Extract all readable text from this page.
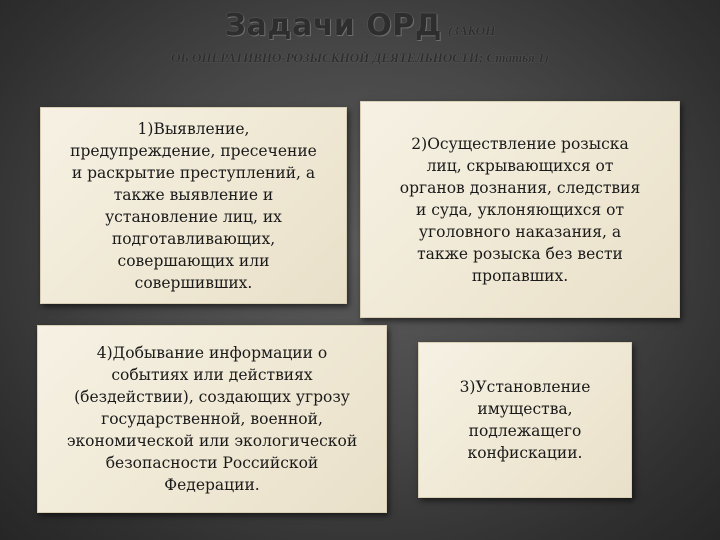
Задачи ОРД (ЗАКОН
ОБ ОПЕРАТИВНО-РОЗЫСКНОЙ ДЕЯТЕЛЬНОСТИ; Статья 1)
1)Выявление,
предупреждение, пресечение
и раскрытие преступлений, а
также выявление и
установление лиц, их
подготавливающих,
совершающих или
совершивших.
2)Осуществление розыска
лиц, скрывающихся от
органов дознания, следствия
и суда, уклоняющихся от
уголовного наказания, а
также розыска без вести
пропавших.
4)Добывание информации о
событиях или действиях
(бездействии), создающих угрозу
государственной, военной,
экономической или экологической
безопасности Российской
Федерации.
3)Установление
имущества,
подлежащего
конфискации.
